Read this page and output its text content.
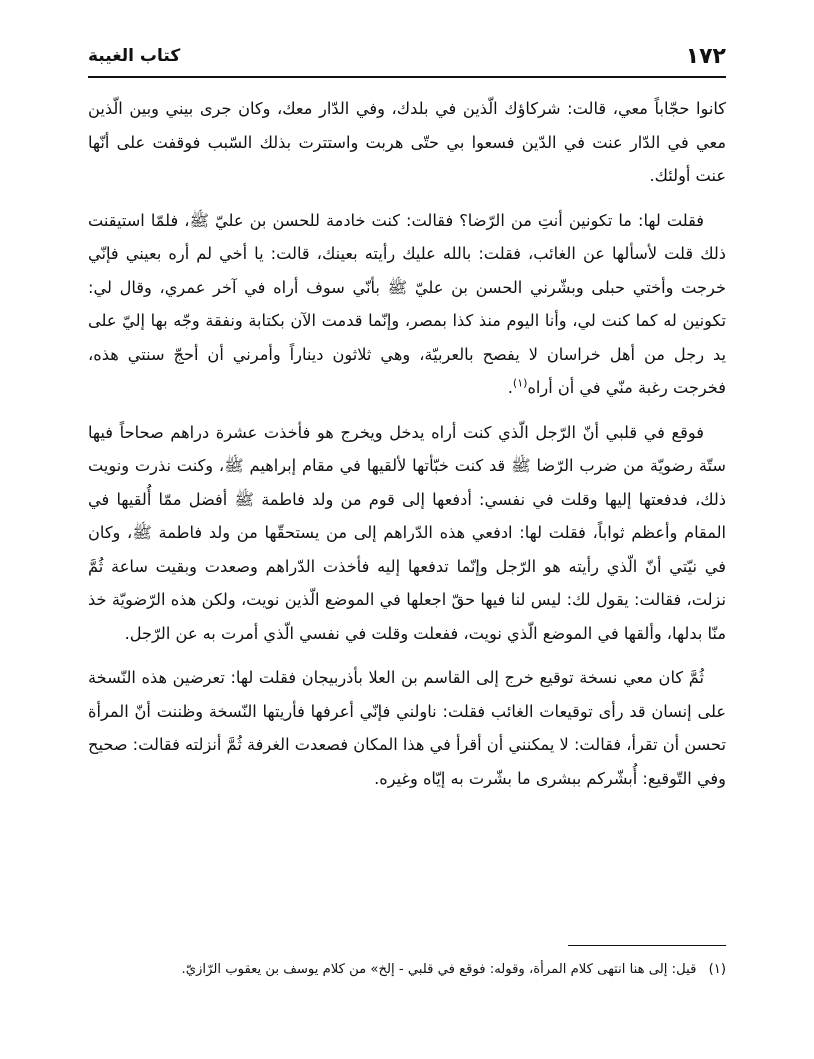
١٧٢
كتاب الغيبة

كانوا حجّاباً معي، قالت: شركاؤك الّذين في بلدك، وفي الدّار معك، وكان جرى بيني وبين الّذين معي في الدّار عنت في الدّين فسعوا بي حتّى هربت واستترت بذلك السّبب فوقفت على أنّها عنت أولئك.

فقلت لها: ما تكونين أنتِ من الرّضا؟ فقالت: كنت خادمة للحسن بن عليّ ﷺ، فلمّا استيقنت ذلك قلت لأسألها عن الغائب، فقلت: بالله عليك رأيته بعينك، قالت: يا أخي لم أره بعيني فإنّي خرجت وأختي حبلى وبشّرني الحسن بن عليّ ﷺ بأنّي سوف أراه في آخر عمري، وقال لي: تكونين له كما كنت لي، وأنا اليوم منذ كذا بمصر، وإنّما قدمت الآن بكتابة ونفقة وجّه بها إليّ على يد رجل من أهل خراسان لا يفصح بالعربيّة، وهي ثلاثون ديناراً وأمرني أن أحجّ سنتي هذه، فخرجت رغبة منّي في أن أراه$^{(١)}$.

فوقع في قلبي أنّ الرّجل الّذي كنت أراه يدخل ويخرج هو فأخذت عشرة دراهم صحاحاً فيها ستّة رضويّة من ضرب الرّضا ﷺ قد كنت خبّأتها لألقيها في مقام إبراهيم ﷺ، وكنت نذرت ونويت ذلك، فدفعتها إليها وقلت في نفسي: أدفعها إلى قوم من ولد فاطمة ﷺ أفضل ممّا أُلقيها في المقام وأعظم ثواباً، فقلت لها: ادفعي هذه الدّراهم إلى من يستحقّها من ولد فاطمة ﷺ، وكان في نيّتي أنّ الّذي رأيته هو الرّجل وإنّما تدفعها إليه فأخذت الدّراهم وصعدت وبقيت ساعة ثُمَّ نزلت، فقالت: يقول لك: ليس لنا فيها حقّ اجعلها في الموضع الّذين نويت، ولكن هذه الرّضويّة خذ منّا بدلها، وألقها في الموضع الّذي نويت، ففعلت وقلت في نفسي الّذي أمرت به عن الرّجل.

ثُمَّ كان معي نسخة توقيع خرج إلى القاسم بن العلا بأذربيجان فقلت لها: تعرضين هذه النّسخة على إنسان قد رأى توقيعات الغائب فقلت: ناولني فإنّي أعرفها فأريتها النّسخة وظننت أنّ المرأة تحسن أن تقرأ، فقالت: لا يمكنني أن أقرأ في هذا المكان فصعدت الغرفة ثُمَّ أنزلته فقالت: صحيح وفي التّوقيع: أُبشّركم ببشرى ما بشّرت به إيّاه وغيره.

(١) قيل: إلى هنا انتهى كلام المرأة، وقوله: فوقع في قلبي - إلخ» من كلام يوسف بن يعقوب الرّازيّ.
